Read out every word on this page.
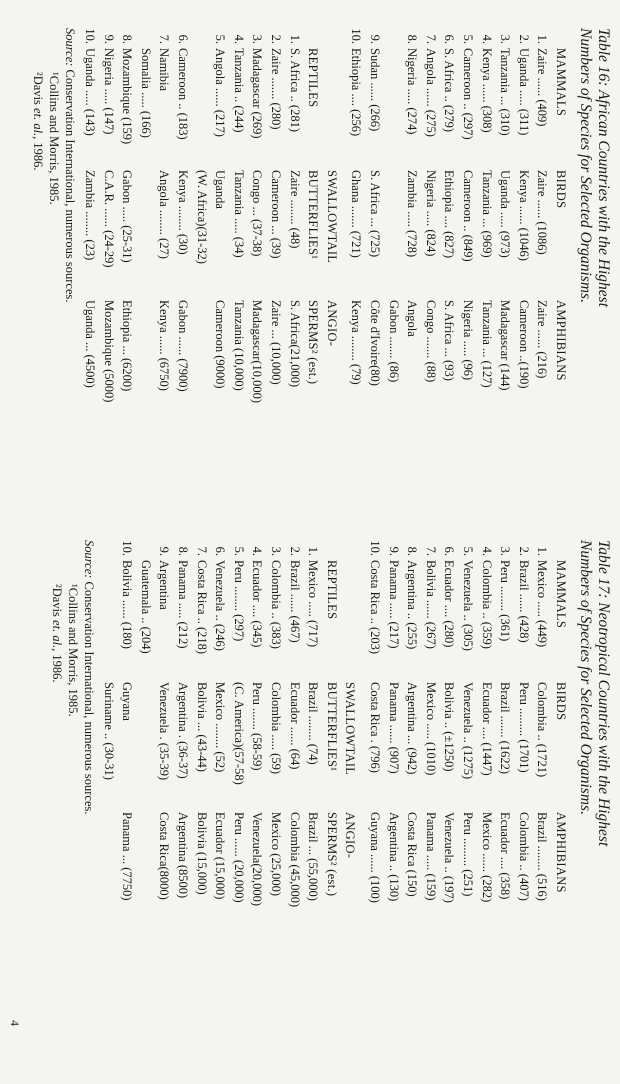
Table 16: African Countries with the Highest
Numbers of Species for Selected Organisms.
MAMMALS
BIRDS
AMPHIBIANS
1.
Zaire ...... (409)
Zaire ...... (1086)
Zaire ...... (216)
2.
Uganda ..... (311)
Kenya ...... (1046)
Cameroon ..(190)
3.
Tanzania ... (310)
Uganda ..... (973)
Madagascar (144)
4.
Kenya ...... (308)
Tanzania ... (969)
Tanzania ... (127)
5.
Cameroon .. (297)
Cameroon .. (849)
Nigeria ..... (96)
6.
S. Africa .. (279)
Ethiopia .... (827)
S. Africa ... (93)
7.
Angola ...... (275)
Nigeria ..... (824)
Congo ....... (88)
8.
Nigeria ..... (274)
Zambia ..... (728)
Angola
Gabon ....... (86)
9.
Sudan ...... (266)
S. Africa ... (725)
Côte d'Ivoire(80)
10.
Ethiopia .... (256)
Ghana ....... (721)
Kenya ........ (79)
SWALLOWTAIL
ANGIO-
REPTILES
BUTTERFLIES¹
SPERMS² (est.)
1.
S. Africa .. (281)
Zaire ........ (48)
S. Africa(21,000)
2.
Zaire ....... (280)
Cameroon ... (39)
Zaire ... (10,000)
3.
Madagascar (269)
Congo ... (37-38)
Madagascar(10,000)
4.
Tanzania .. (244)
Tanzania ..... (34)
Tanzania (10,000)
5.
Angola ...... (217)
Uganda
Cameroon (9000)
(W. Africa)(31-32)
6.
Cameroon .. (183)
Kenya ........ (30)
Gabon ...... (7900)
7.
Namibia
Angola ........ (27)
Kenya ...... (6750)
Somalia ..... (166)
8.
Mozambique (159)
Gabon ..... (25-31)
Ethiopia ... (6200)
9.
Nigeria ..... (147)
C.A.R. ...... (24-29)
Mozambique (5000)
10.
Uganda ..... (143)
Zambia ........ (23)
Uganda ... (4500)
Source: Conservation International, numerous sources.
¹Collins and Morris, 1985.
²Davis et. al., 1986.
Table 17: Neotropical Countries with the Highest
Numbers of Species for Selected Organisms.
MAMMALS
BIRDS
AMPHIBIANS
1.
Mexico ..... (449)
Colombia .. (1721)
Brazil ........ (516)
2.
Brazil ...... (428)
Peru ......... (1701)
Colombia .. (407)
3.
Peru ........ (361)
Brazil ....... (1622)
Ecuador .... (358)
4.
Colombia .. (359)
Ecuador .... (1447)
Mexico ...... (282)
5.
Venezuela .. (305)
Venezuela .. (1275)
Peru ......... (251)
6.
Ecuador .... (280)
Bolivia .. (±1250)
Venezuela .. (197)
7.
Bolivia ...... (267)
Mexico ..... (1010)
Panama ..... (159)
8.
Argentina .. (255)
Argentina ... (942)
Costa Rica (150)
9.
Panama ..... (217)
Panama ...... (907)
Argentina .. (130)
10.
Costa Rica .. (203)
Costa Rica . (796)
Guyana ...... (100)
SWALLOWTAIL
ANGIO-
REPTILES
BUTTERFLIES¹
SPERMS² (est.)
1.
Mexico ..... (717)
Brazil ........ (74)
Brazil ... (55,000)
2.
Brazil ...... (467)
Ecuador ...... (64)
Colombia (45,000)
3.
Colombia .. (383)
Colombia ..... (59)
Mexico (25,000)
4.
Ecuador .... (345)
Peru ....... (58-59)
Venezuela(20,000)
5.
Peru ........ (297)
(C. America)(57-58)
Peru ...... (20,000)
6.
Venezuela .. (246)
Mexico ........ (52)
Ecuador (15,000)
7.
Costa Rica .. (218)
Bolivia ... (43-44)
Bolivia (15,000)
8.
Panama ..... (212)
Argentina . (36-37)
Argentina (8500)
9.
Argentina
Venezuela . (35-39)
Costa Rica(8000)
Guatemala .. (204)
10.
Bolivia ...... (180)
Guyana
Panama ... (7750)
Suriname .. (30-31)
Source: Conservation International, numerous sources.
¹Collins and Morris, 1985.
²Davis et. al., 1986.
4
